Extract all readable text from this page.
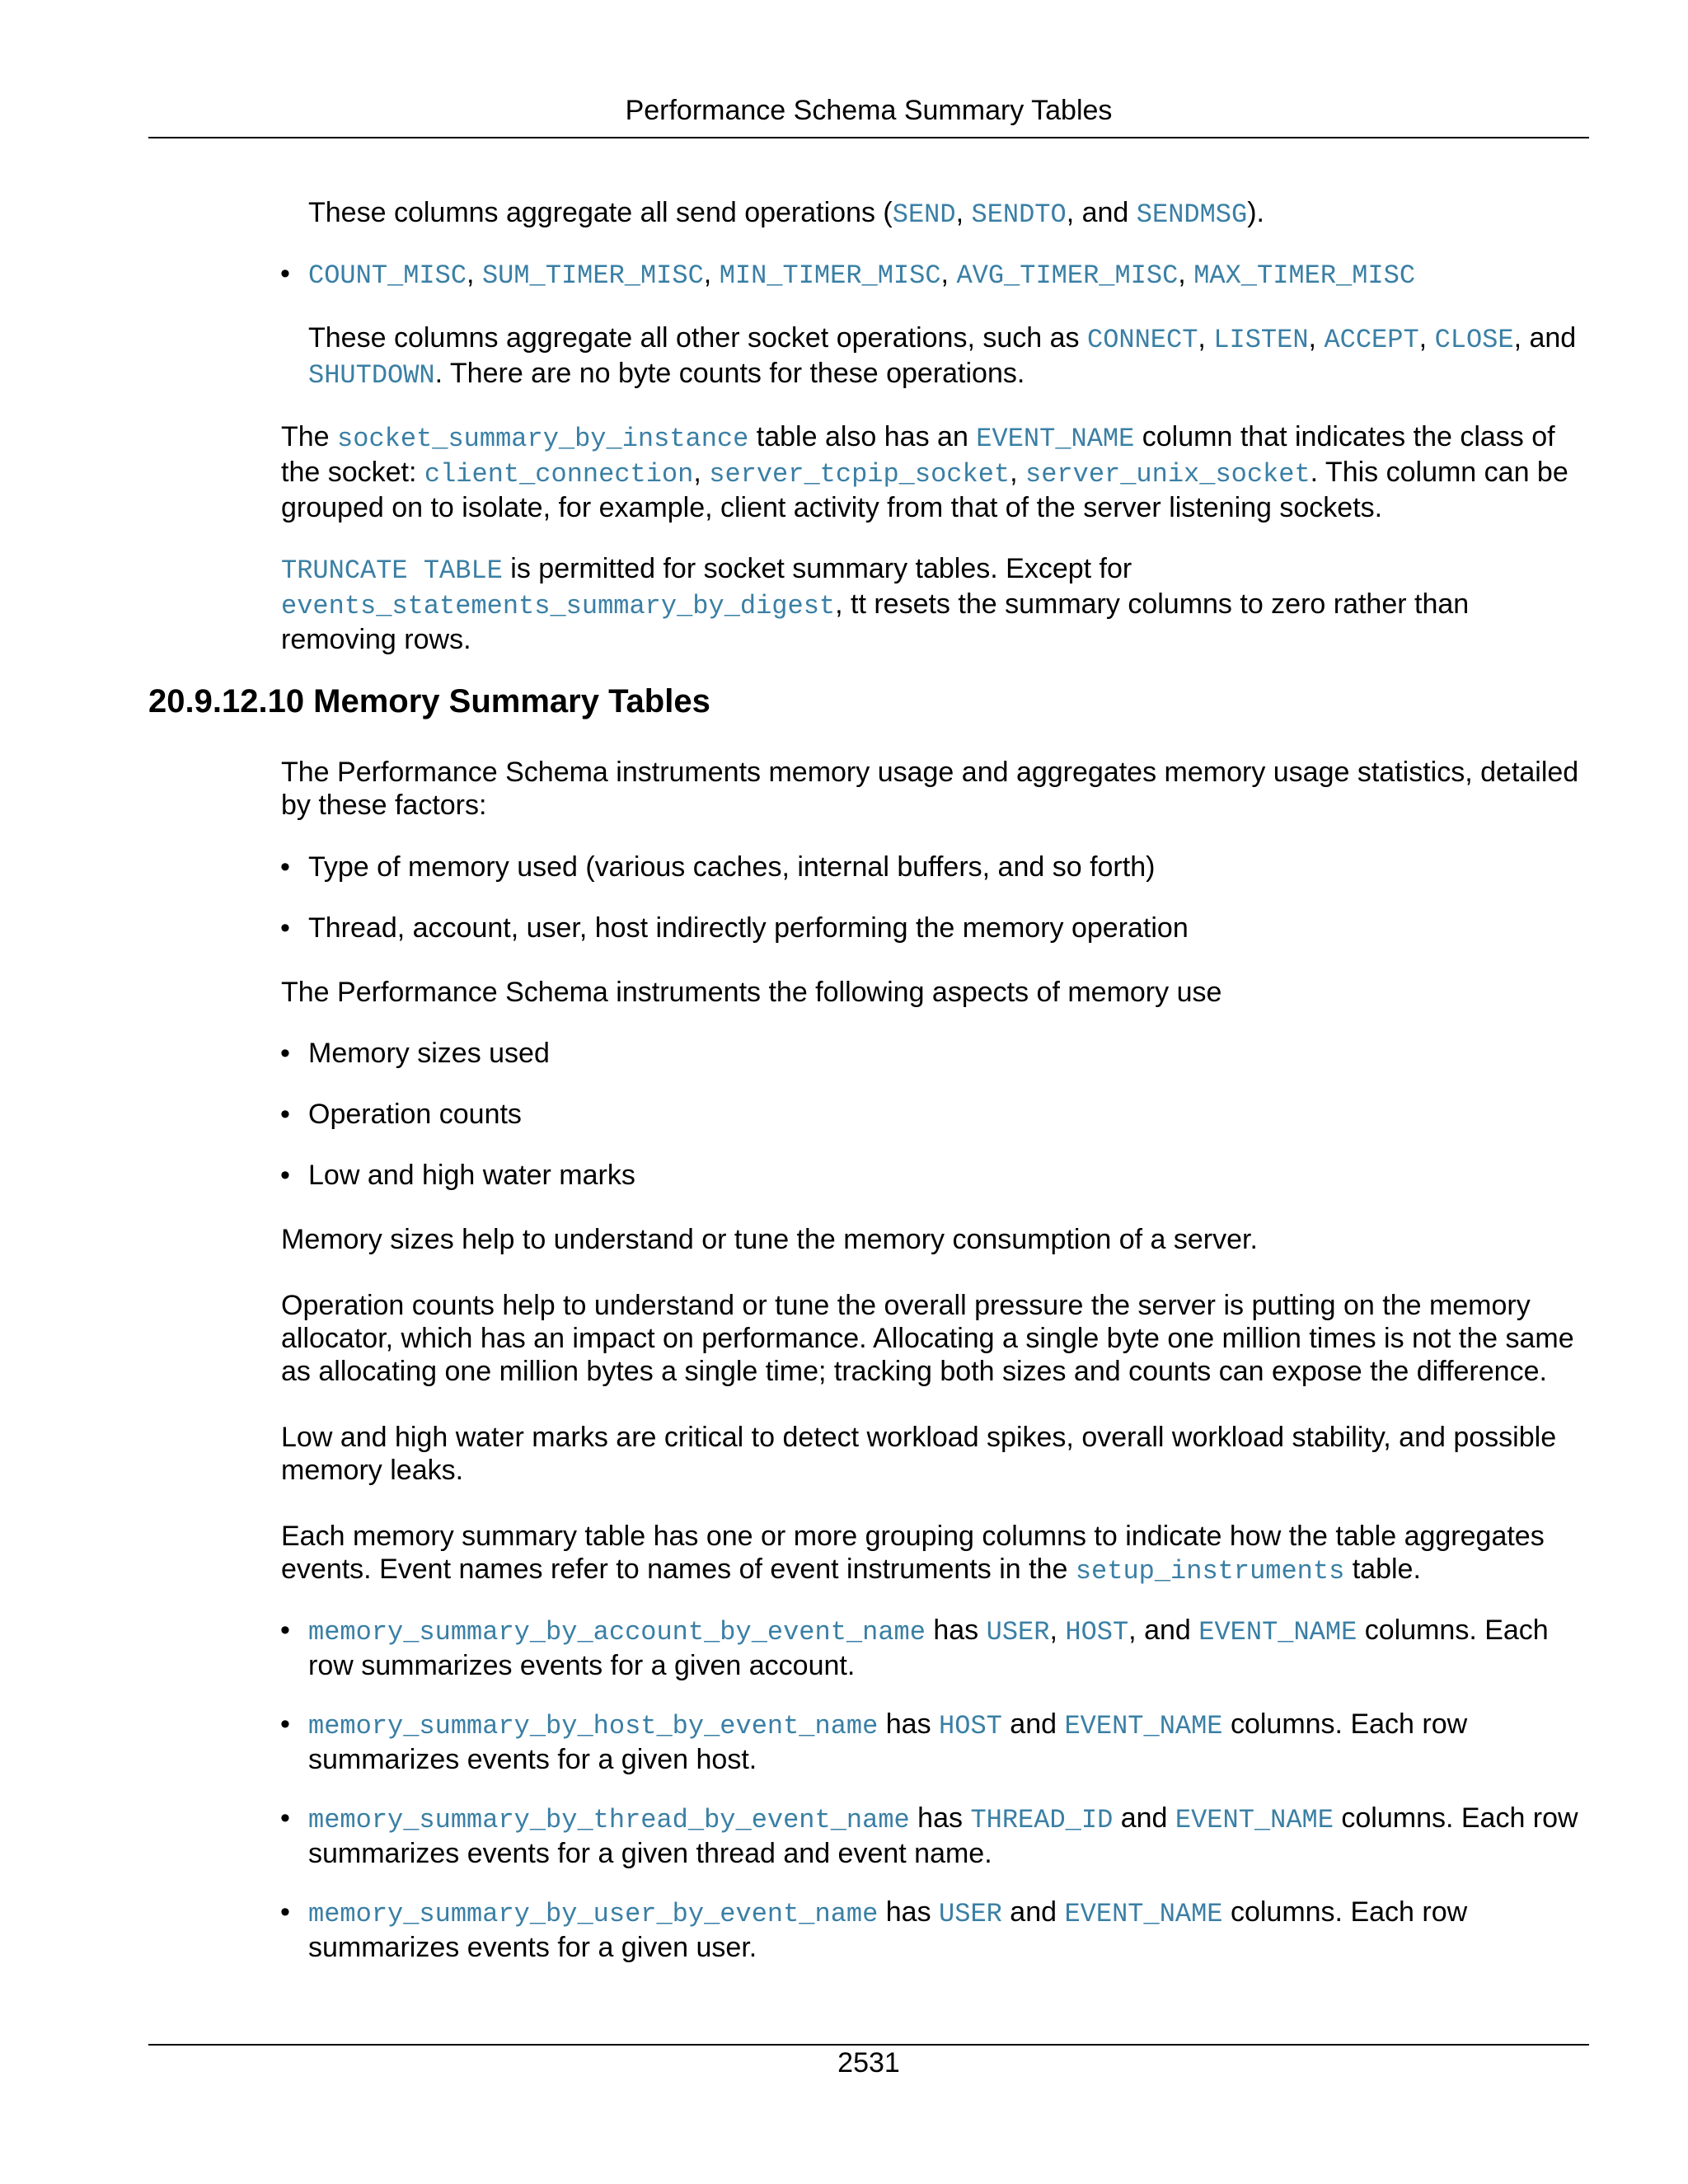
Performance Schema Summary Tables

These columns aggregate all send operations (SEND, SENDTO, and SENDMSG).

• COUNT_MISC, SUM_TIMER_MISC, MIN_TIMER_MISC, AVG_TIMER_MISC, MAX_TIMER_MISC

These columns aggregate all other socket operations, such as CONNECT, LISTEN, ACCEPT, CLOSE, and
SHUTDOWN. There are no byte counts for these operations.

The socket_summary_by_instance table also has an EVENT_NAME column that indicates the class of the socket: client_connection, server_tcpip_socket, server_unix_socket. This column can be grouped on to isolate, for example, client activity from that of the server listening sockets.

TRUNCATE TABLE is permitted for socket summary tables. Except for
events_statements_summary_by_digest, tt resets the summary columns to zero rather than removing rows.

20.9.12.10 Memory Summary Tables

The Performance Schema instruments memory usage and aggregates memory usage statistics, detailed by these factors:

• Type of memory used (various caches, internal buffers, and so forth)

• Thread, account, user, host indirectly performing the memory operation

The Performance Schema instruments the following aspects of memory use

• Memory sizes used

• Operation counts

• Low and high water marks

Memory sizes help to understand or tune the memory consumption of a server.

Operation counts help to understand or tune the overall pressure the server is putting on the memory allocator, which has an impact on performance. Allocating a single byte one million times is not the same as allocating one million bytes a single time; tracking both sizes and counts can expose the difference.

Low and high water marks are critical to detect workload spikes, overall workload stability, and possible memory leaks.

Each memory summary table has one or more grouping columns to indicate how the table aggregates events. Event names refer to names of event instruments in the setup_instruments table.

• memory_summary_by_account_by_event_name has USER, HOST, and EVENT_NAME columns. Each row summarizes events for a given account.

• memory_summary_by_host_by_event_name has HOST and EVENT_NAME columns. Each row summarizes events for a given host.

• memory_summary_by_thread_by_event_name has THREAD_ID and EVENT_NAME columns. Each row summarizes events for a given thread and event name.

• memory_summary_by_user_by_event_name has USER and EVENT_NAME columns. Each row summarizes events for a given user.

2531
